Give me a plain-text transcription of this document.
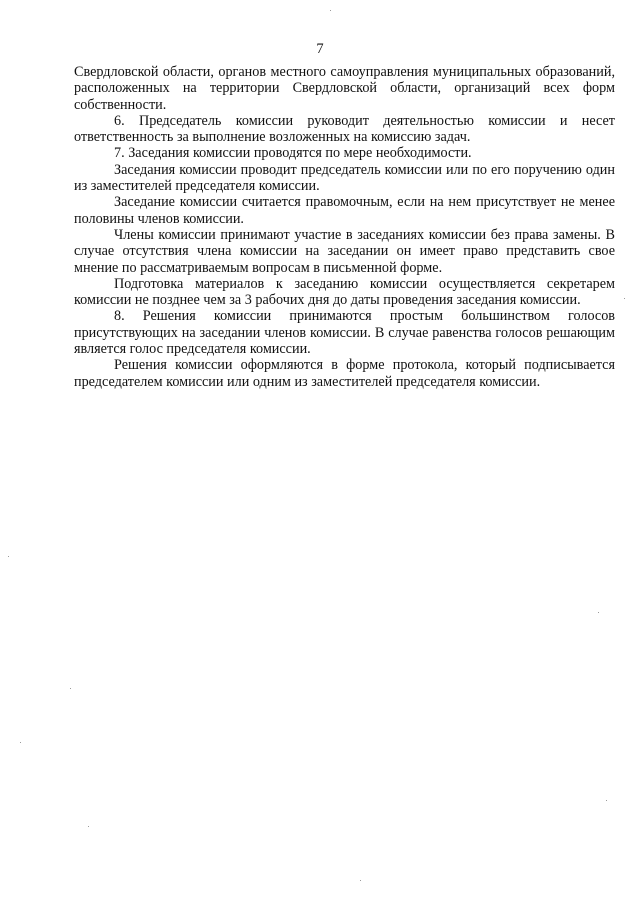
7

Свердловской области, органов местного самоуправления муниципальных образований, расположенных на территории Свердловской области, организаций всех форм собственности.

6. Председатель комиссии руководит деятельностью комиссии и несет ответственность за выполнение возложенных на комиссию задач.

7. Заседания комиссии проводятся по мере необходимости.

Заседания комиссии проводит председатель комиссии или по его поручению один из заместителей председателя комиссии.

Заседание комиссии считается правомочным, если на нем присутствует не менее половины членов комиссии.

Члены комиссии принимают участие в заседаниях комиссии без права замены. В случае отсутствия члена комиссии на заседании он имеет право представить свое мнение по рассматриваемым вопросам в письменной форме.

Подготовка материалов к заседанию комиссии осуществляется секретарем комиссии не позднее чем за 3 рабочих дня до даты проведения заседания комиссии.

8. Решения комиссии принимаются простым большинством голосов присутствующих на заседании членов комиссии. В случае равенства голосов решающим является голос председателя комиссии.

Решения комиссии оформляются в форме протокола, который подписывается председателем комиссии или одним из заместителей председателя комиссии.
